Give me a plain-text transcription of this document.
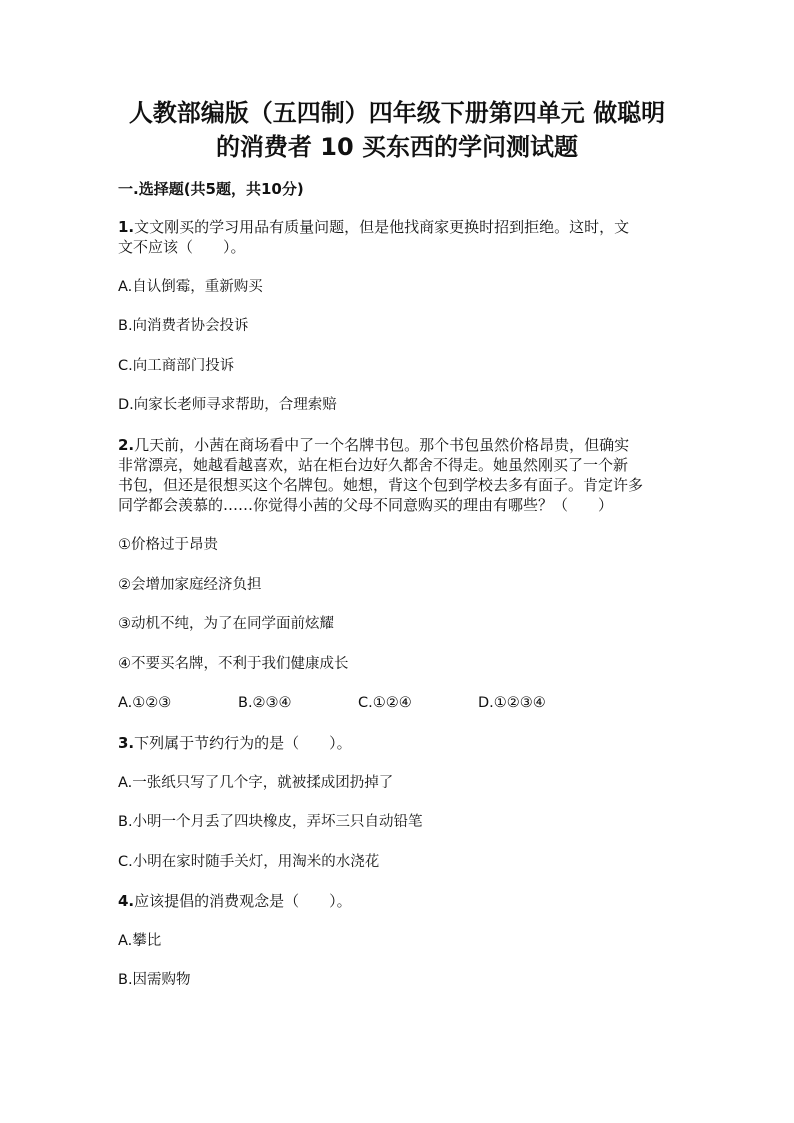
人教部编版（五四制）四年级下册第四单元 做聪明
的消费者 10 买东西的学问测试题
一.选择题(共5题，共10分)
1.文文刚买的学习用品有质量问题，但是他找商家更换时招到拒绝。这时，文
文不应该（　　）。
A.自认倒霉，重新购买
B.向消费者协会投诉
C.向工商部门投诉
D.向家长老师寻求帮助，合理索赔
2.几天前，小茜在商场看中了一个名牌书包。那个书包虽然价格昂贵，但确实
非常漂亮，她越看越喜欢，站在柜台边好久都舍不得走。她虽然刚买了一个新
书包，但还是很想买这个名牌包。她想，背这个包到学校去多有面子。肯定许多
同学都会羡慕的……你觉得小茜的父母不同意购买的理由有哪些？（　　）
①价格过于昂贵
②会增加家庭经济负担
③动机不纯，为了在同学面前炫耀
④不要买名牌，不利于我们健康成长
A.①②③	B.②③④	C.①②④	D.①②③④
3.下列属于节约行为的是（　　）。
A.一张纸只写了几个字，就被揉成团扔掉了
B.小明一个月丢了四块橡皮，弄坏三只自动铅笔
C.小明在家时随手关灯，用淘米的水浇花
4.应该提倡的消费观念是（　　）。
A.攀比
B.因需购物
